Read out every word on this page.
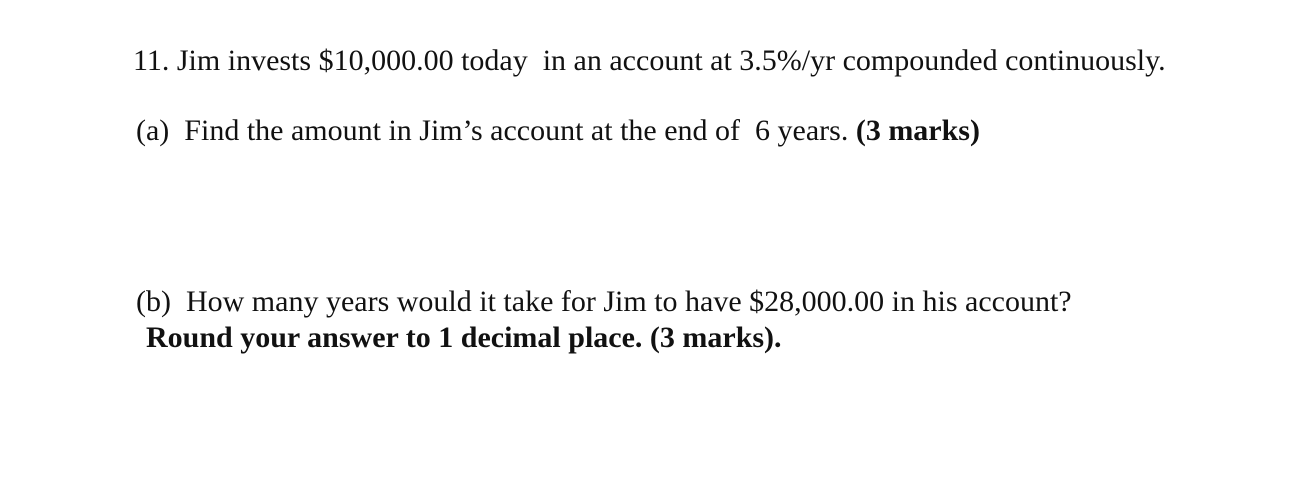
11. Jim invests $10,000.00 today  in an account at 3.5%/yr compounded continuously.
(a)  Find the amount in Jim’s account at the end of  6 years. (3 marks)
(b)  How many years would it take for Jim to have $28,000.00 in his account?
Round your answer to 1 decimal place. (3 marks).
